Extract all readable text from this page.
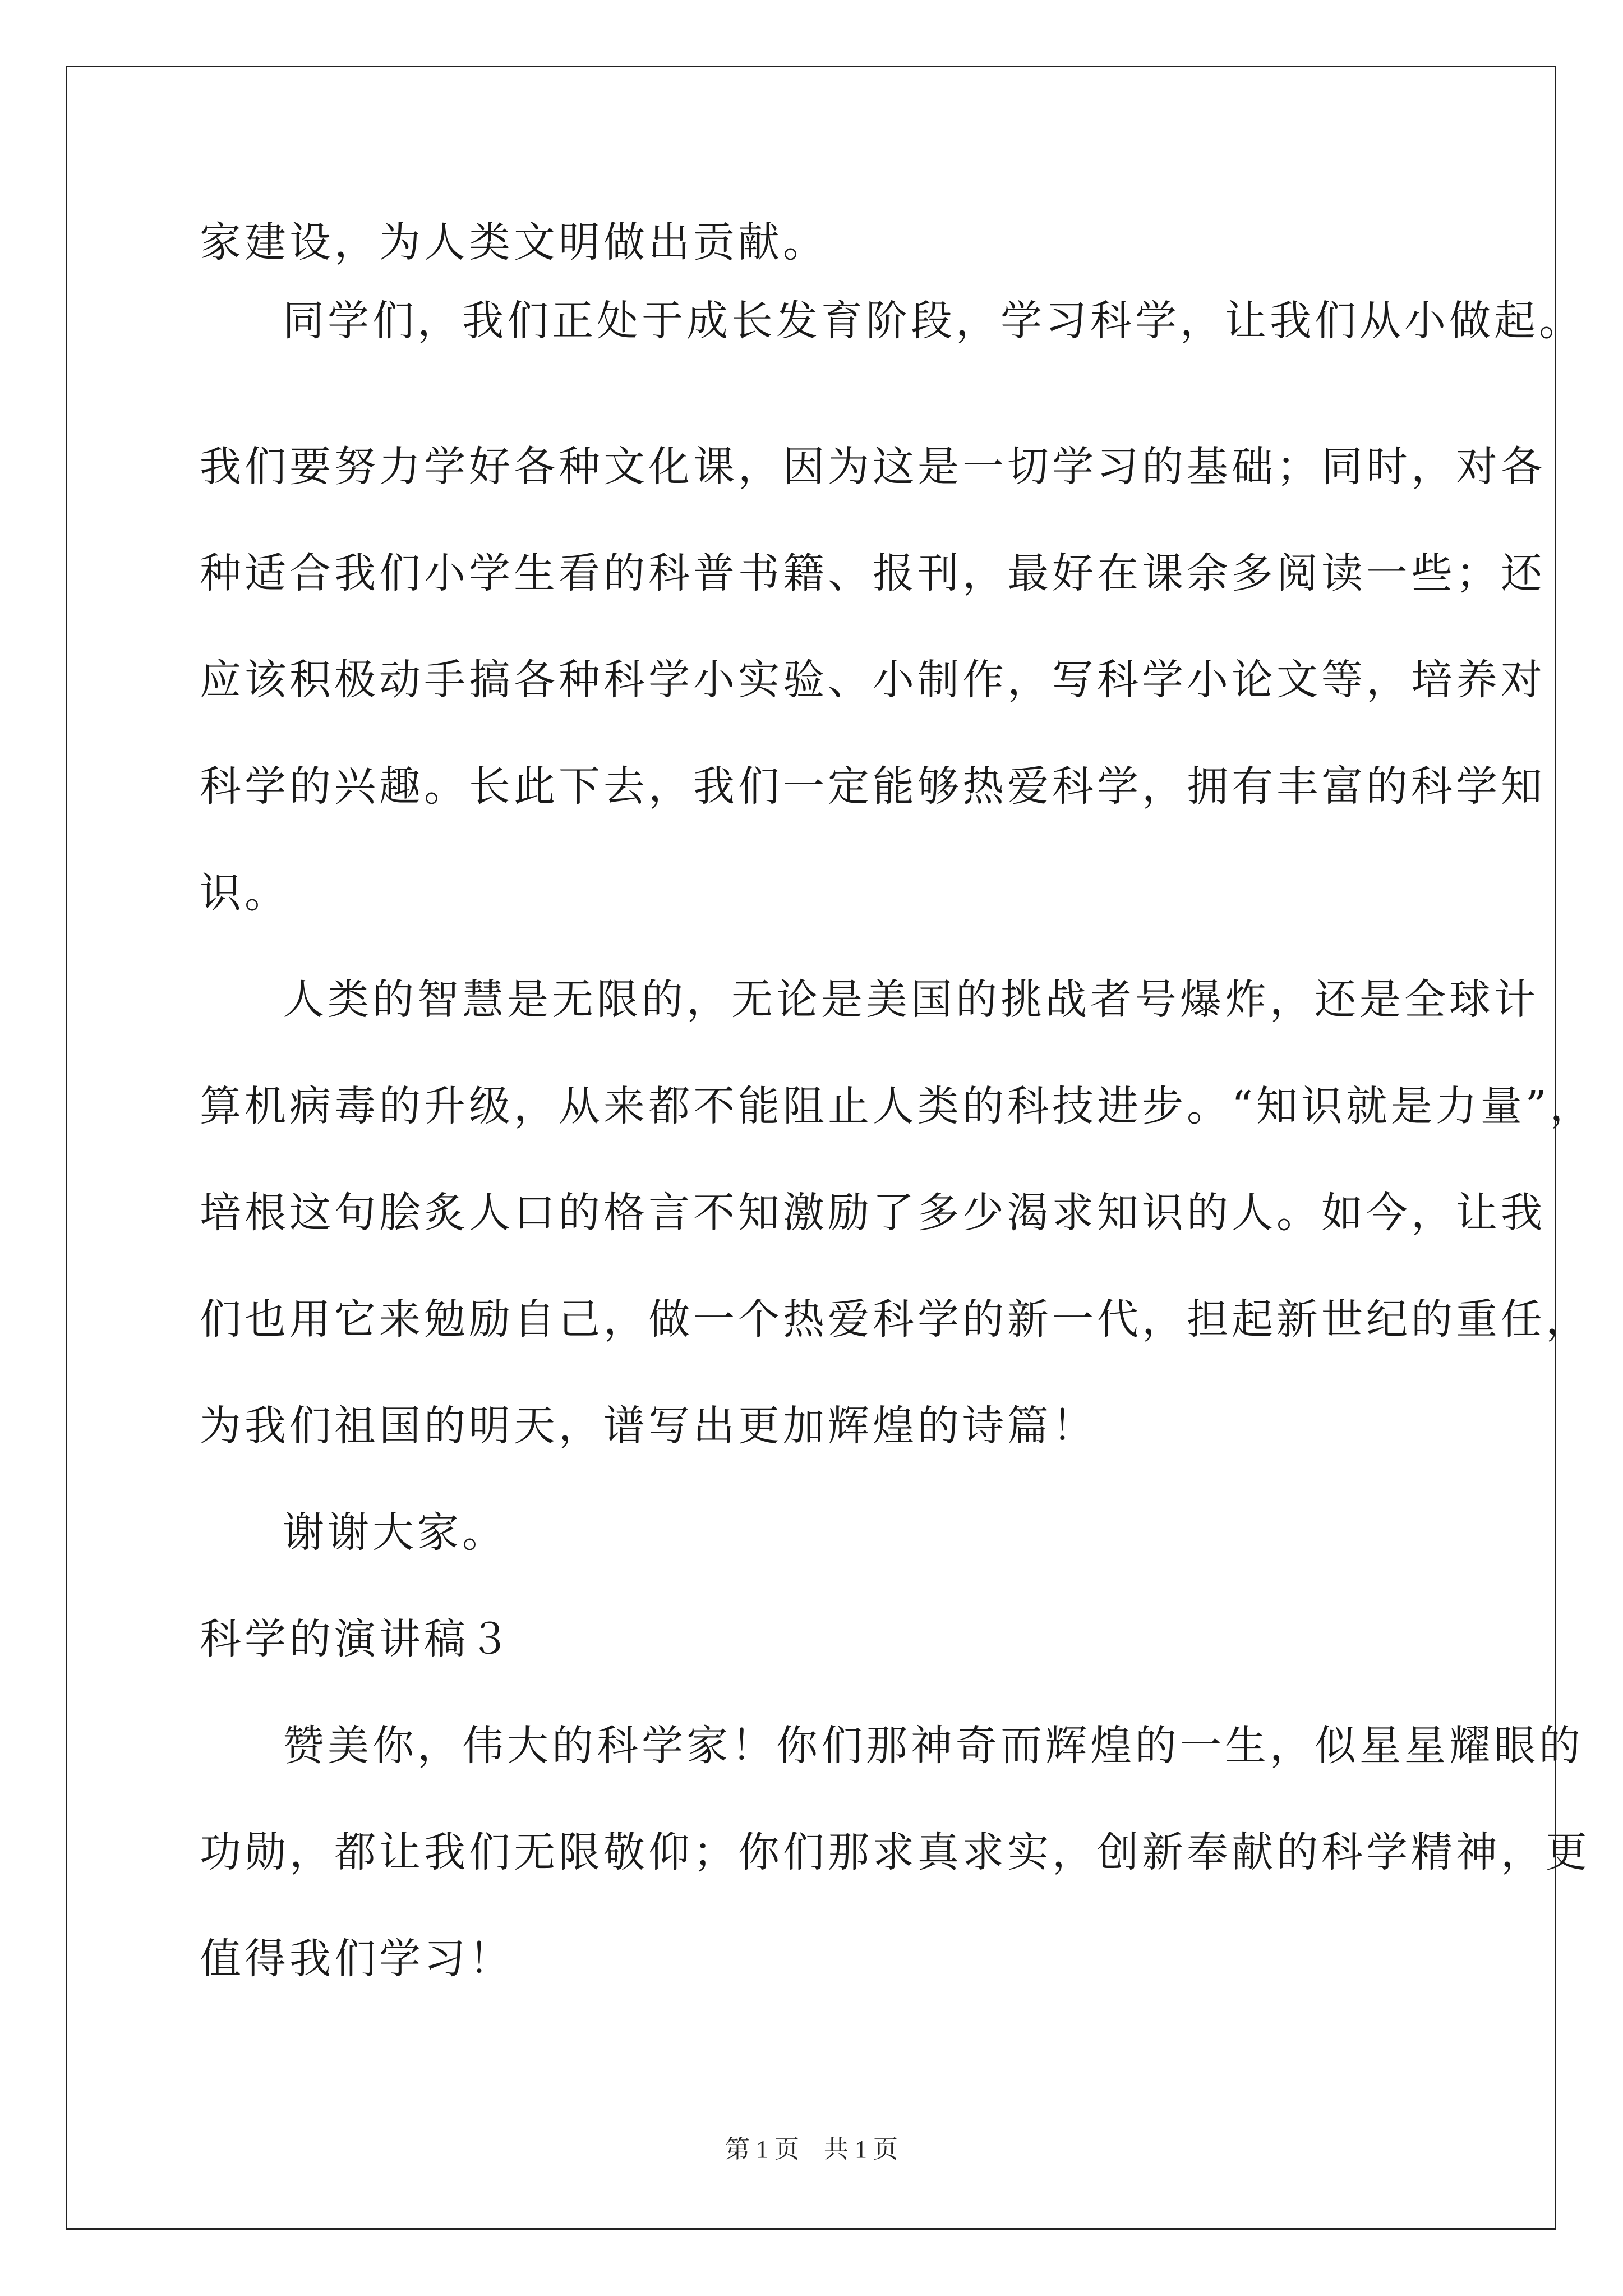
家建设，为人类文明做出贡献。
同学们，我们正处于成长发育阶段，学习科学，让我们从小做起。
我们要努力学好各种文化课，因为这是一切学习的基础；同时，对各
种适合我们小学生看的科普书籍、报刊，最好在课余多阅读一些；还
应该积极动手搞各种科学小实验、小制作，写科学小论文等，培养对
科学的兴趣。长此下去，我们一定能够热爱科学，拥有丰富的科学知
识。
人类的智慧是无限的，无论是美国的挑战者号爆炸，还是全球计
算机病毒的升级，从来都不能阻止人类的科技进步。“知识就是力量”，
培根这句脍炙人口的格言不知激励了多少渴求知识的人。如今，让我
们也用它来勉励自己，做一个热爱科学的新一代，担起新世纪的重任，
为我们祖国的明天，谱写出更加辉煌的诗篇！
谢谢大家。
科学的演讲稿３
赞美你，伟大的科学家！你们那神奇而辉煌的一生，似星星耀眼的
功勋，都让我们无限敬仰；你们那求真求实，创新奉献的科学精神，更
值得我们学习！
第 1 页　共 1 页
